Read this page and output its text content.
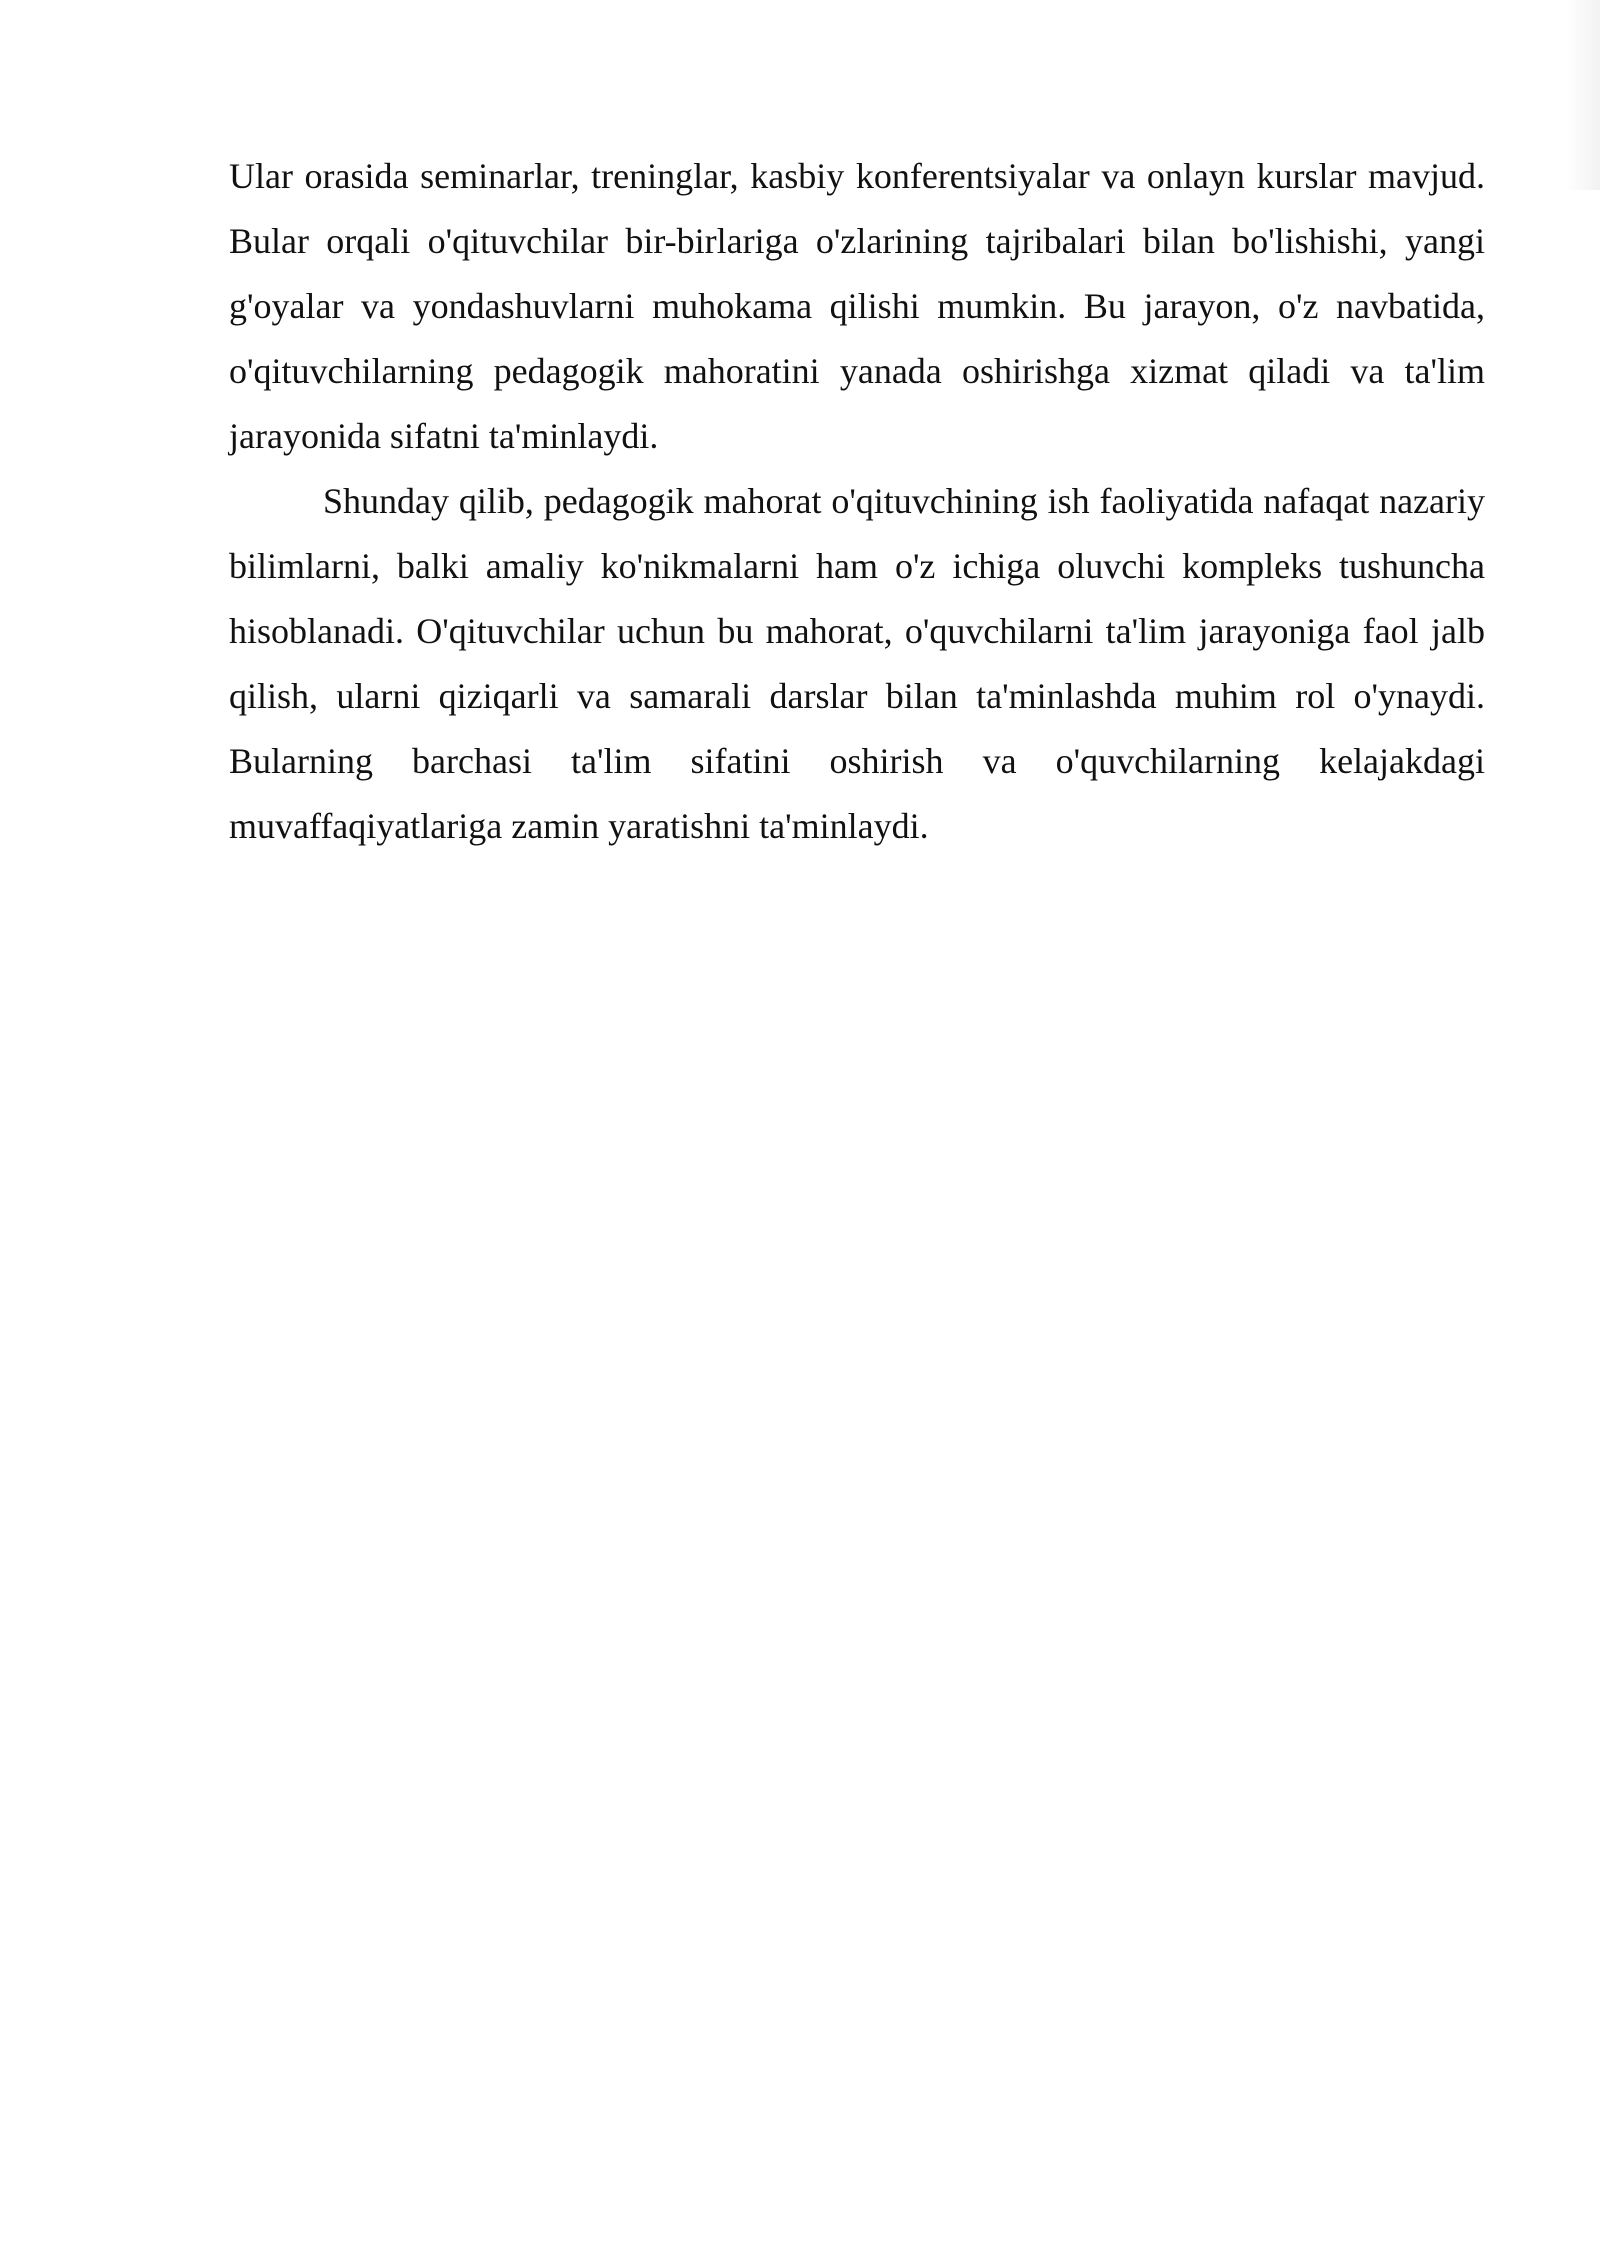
Ular orasida seminarlar, treninglar, kasbiy konferentsiyalar va onlayn kurslar mavjud. Bular orqali o'qituvchilar bir-birlariga o'zlarining tajribalari bilan bo'lishishi, yangi g'oyalar va yondashuvlarni muhokama qilishi mumkin. Bu jarayon, o'z navbatida, o'qituvchilarning pedagogik mahoratini yanada oshirishga xizmat qiladi va ta'lim jarayonida sifatni ta'minlaydi.

Shunday qilib, pedagogik mahorat o'qituvchining ish faoliyatida nafaqat nazariy bilimlarni, balki amaliy ko'nikmalarni ham o'z ichiga oluvchi kompleks tushuncha hisoblanadi. O'qituvchilar uchun bu mahorat, o'quvchilarni ta'lim jarayoniga faol jalb qilish, ularni qiziqarli va samarali darslar bilan ta'minlashda muhim rol o'ynaydi. Bularning barchasi ta'lim sifatini oshirish va o'quvchilarning kelajakdagi muvaffaqiyatlariga zamin yaratishni ta'minlaydi.
